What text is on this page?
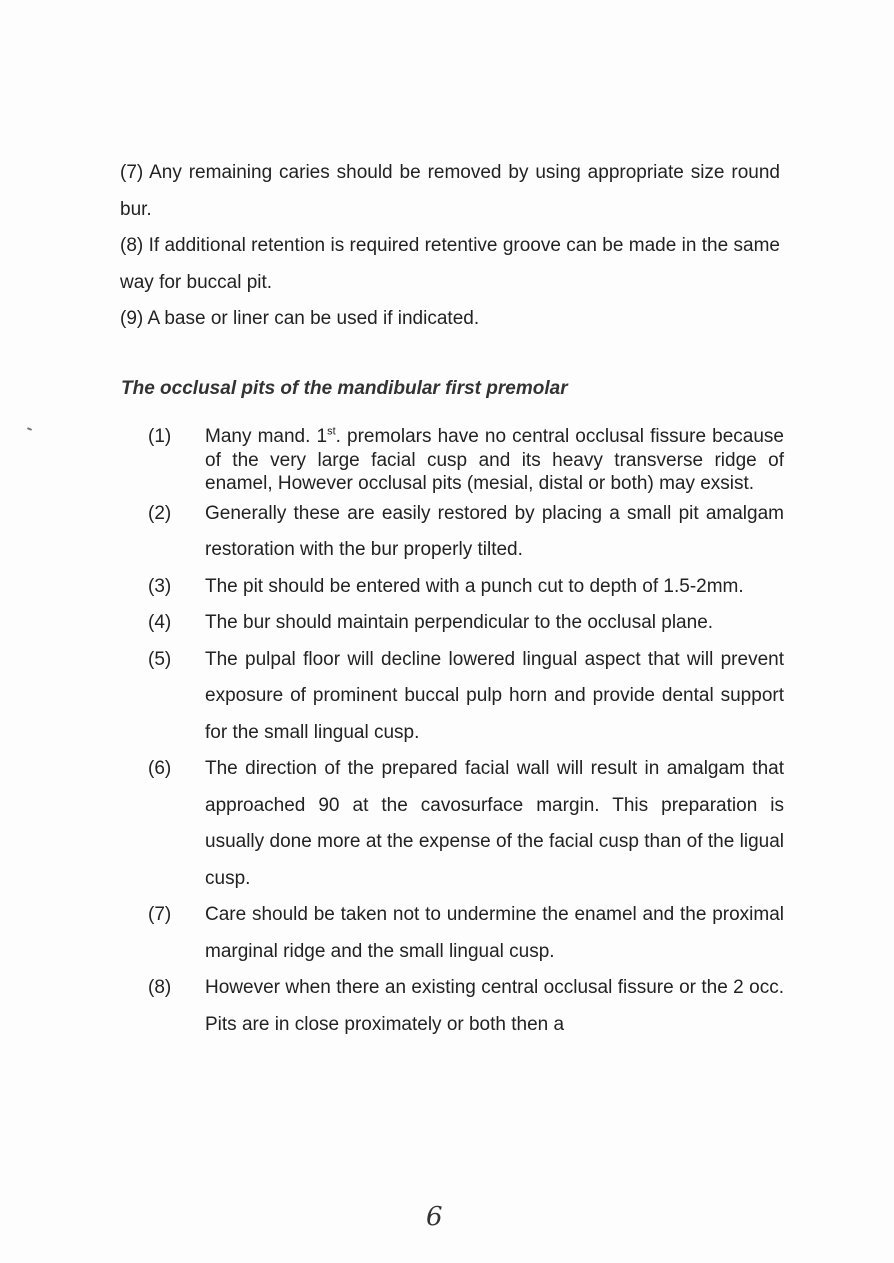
(7) Any remaining caries should be removed by using appropriate size round bur.

(8) If additional retention is required retentive groove can be made in the same way for buccal pit.

(9) A base or liner can be used if indicated.

The occlusal pits of the mandibular first premolar
(1)	Many mand. 1st. premolars have no central occlusal fissure because of the very large facial cusp and its heavy transverse ridge of enamel, However occlusal pits (mesial, distal or both) may exsist.
(2)	Generally these are easily restored by placing a small pit amalgam restoration with the bur properly tilted.
(3)	The pit should be entered with a punch cut to depth of 1.5-2mm.
(4)	The bur should maintain perpendicular to the occlusal plane.
(5)	The pulpal floor will decline lowered lingual aspect that will prevent exposure of prominent buccal pulp horn and provide dental support for the small lingual cusp.
(6)	The direction of the prepared facial wall will result in amalgam that approached 90 at the cavosurface margin. This preparation is usually done more at the expense of the facial cusp than of the ligual cusp.
(7)	Care should be taken not to undermine the enamel and the proximal marginal ridge and the small lingual cusp.
(8)	However when there an existing central occlusal fissure or the 2 occ. Pits are in close proximately or both then a
6
